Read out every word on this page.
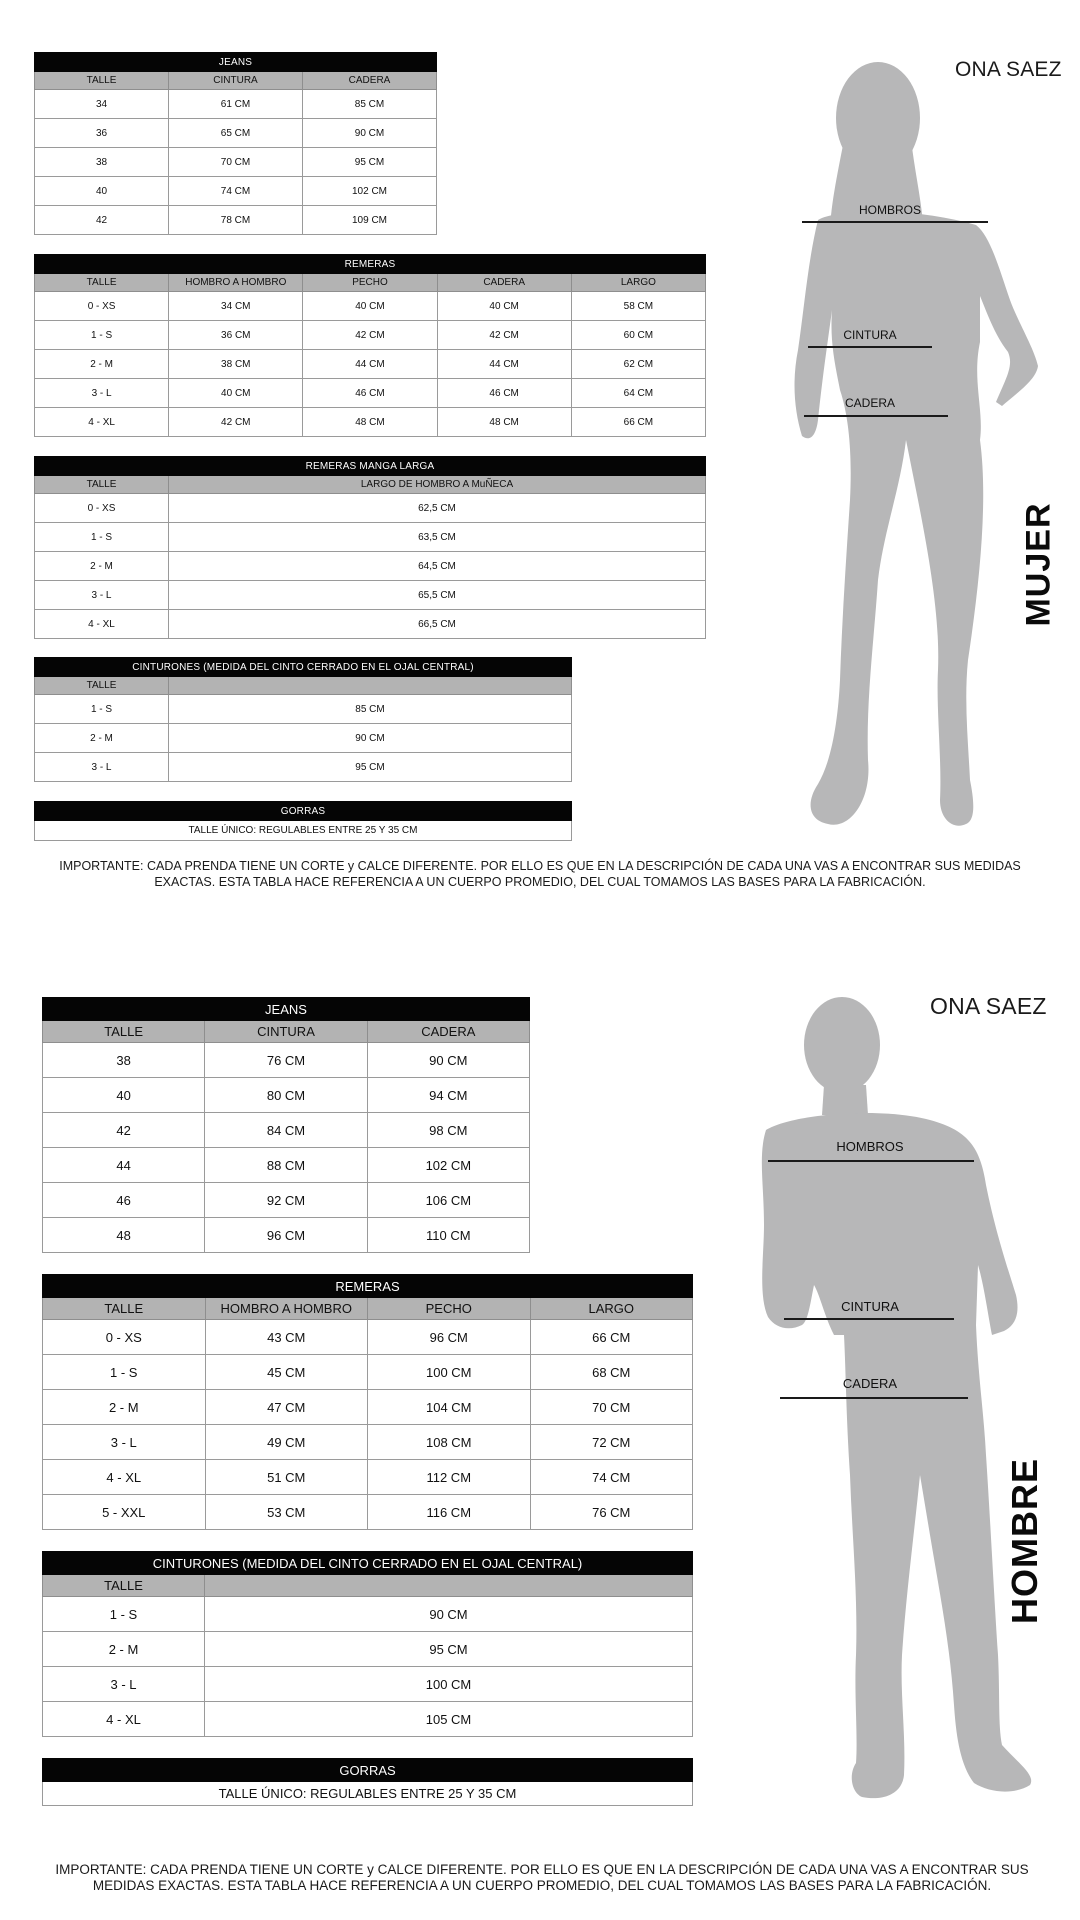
ONA SAEZ
HOMBROS
CINTURA
CADERA
MUJER
JEANS		
TALLE	CINTURA	CADERA
34	61 CM	85 CM
36	65 CM	90 CM
38	70 CM	95 CM
40	74 CM	102 CM
42	78 CM	109 CM
REMERAS				
TALLE	HOMBRO A HOMBRO	PECHO	CADERA	LARGO
0 - XS	34 CM	40 CM	40 CM	58 CM
1 - S	36 CM	42 CM	42 CM	60 CM
2 - M	38 CM	44 CM	44 CM	62 CM
3 - L	40 CM	46 CM	46 CM	64 CM
4 - XL	42 CM	48 CM	48 CM	66 CM
REMERAS MANGA LARGA	
TALLE	LARGO DE HOMBRO A MuÑECA
0 - XS	62,5 CM
1 - S	63,5 CM
2 - M	64,5 CM
3 - L	65,5 CM
4 - XL	66,5 CM
CINTURONES (MEDIDA DEL CINTO CERRADO EN EL OJAL CENTRAL)	
TALLE	
1 - S	85 CM
2 - M	90 CM
3 - L	95 CM
GORRAS
TALLE ÚNICO: REGULABLES ENTRE 25 Y 35 CM
IMPORTANTE: CADA PRENDA TIENE UN CORTE y CALCE DIFERENTE. POR ELLO ES QUE EN LA DESCRIPCIÓN DE CADA UNA VAS A ENCONTRAR SUS MEDIDAS EXACTAS. ESTA TABLA HACE REFERENCIA A UN CUERPO PROMEDIO, DEL CUAL TOMAMOS LAS BASES PARA LA FABRICACIÓN.
ONA SAEZ
HOMBROS
CINTURA
CADERA
HOMBRE
JEANS		
TALLE	CINTURA	CADERA
38	76 CM	90 CM
40	80 CM	94 CM
42	84 CM	98 CM
44	88 CM	102 CM
46	92 CM	106 CM
48	96 CM	110 CM
REMERAS			
TALLE	HOMBRO A HOMBRO	PECHO	LARGO
0 - XS	43 CM	96 CM	66 CM
1 - S	45 CM	100 CM	68 CM
2 - M	47 CM	104 CM	70 CM
3 - L	49 CM	108 CM	72 CM
4 - XL	51 CM	112 CM	74 CM
5 - XXL	53 CM	116 CM	76 CM
CINTURONES (MEDIDA DEL CINTO CERRADO EN EL OJAL CENTRAL)	
TALLE	
1 - S	90 CM
2 - M	95 CM
3 - L	100 CM
4 - XL	105 CM
GORRAS
TALLE ÚNICO: REGULABLES ENTRE 25 Y 35 CM
IMPORTANTE: CADA PRENDA TIENE UN CORTE y CALCE DIFERENTE. POR ELLO ES QUE EN LA DESCRIPCIÓN DE CADA UNA VAS A ENCONTRAR SUS MEDIDAS EXACTAS. ESTA TABLA HACE REFERENCIA A UN CUERPO PROMEDIO, DEL CUAL TOMAMOS LAS BASES PARA LA FABRICACIÓN.
